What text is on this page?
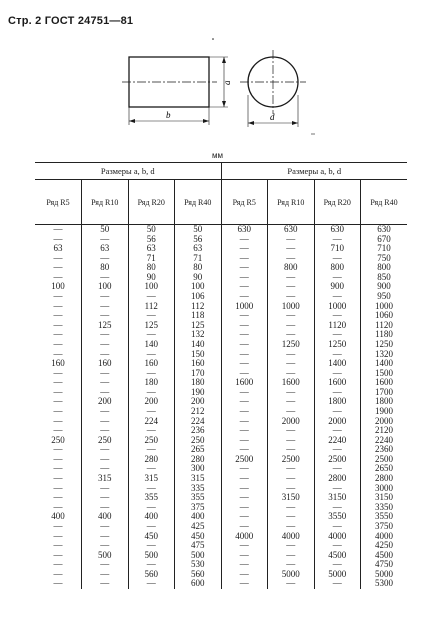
Стр. 2 ГОСТ 24751—81
a
b	d
мм
Размеры a, b, d				Размеры a, b, d			
Ряд R5	Ряд R10	Ряд R20	Ряд R40	Ряд R5	Ряд R10	Ряд R20	Ряд R40
—	50	50	50	630	630	630	630
—	—	56	56	—	—	—	670
63	63	63	63	—	—	710	710
—	—	71	71	—	—	—	750
—	80	80	80	—	800	800	800
—	—	90	90	—	—	—	850
100	100	100	100	—	—	900	900
—	—	—	106	—	—	—	950
—	—	112	112	1000	1000	1000	1000
—	—	—	118	—	—	—	1060
—	125	125	125	—	—	1120	1120
—	—	—	132	—	—	—	1180
—	—	140	140	—	1250	1250	1250
—	—	—	150	—	—	—	1320
160	160	160	160	—	—	1400	1400
—	—	—	170	—	—	—	1500
—	—	180	180	1600	1600	1600	1600
—	—	—	190	—	—	—	1700
—	200	200	200	—	—	1800	1800
—	—	—	212	—	—	—	1900
—	—	224	224	—	2000	2000	2000
—	—	—	236	—	—	—	2120
250	250	250	250	—	—	2240	2240
—	—	—	265	—	—	—	2360
—	—	280	280	2500	2500	2500	2500
—	—	—	300	—	—	—	2650
—	315	315	315	—	—	2800	2800
—	—	—	335	—	—	—	3000
—	—	355	355	—	3150	3150	3150
—	—	—	375	—	—	—	3350
400	400	400	400	—	—	3550	3550
—	—	—	425	—	—	—	3750
—	—	450	450	4000	4000	4000	4000
—	—	—	475	—	—	—	4250
—	500	500	500	—	—	4500	4500
—	—	—	530	—	—	—	4750
—	—	560	560	—	5000	5000	5000
—	—	—	600	—	—	—	5300
